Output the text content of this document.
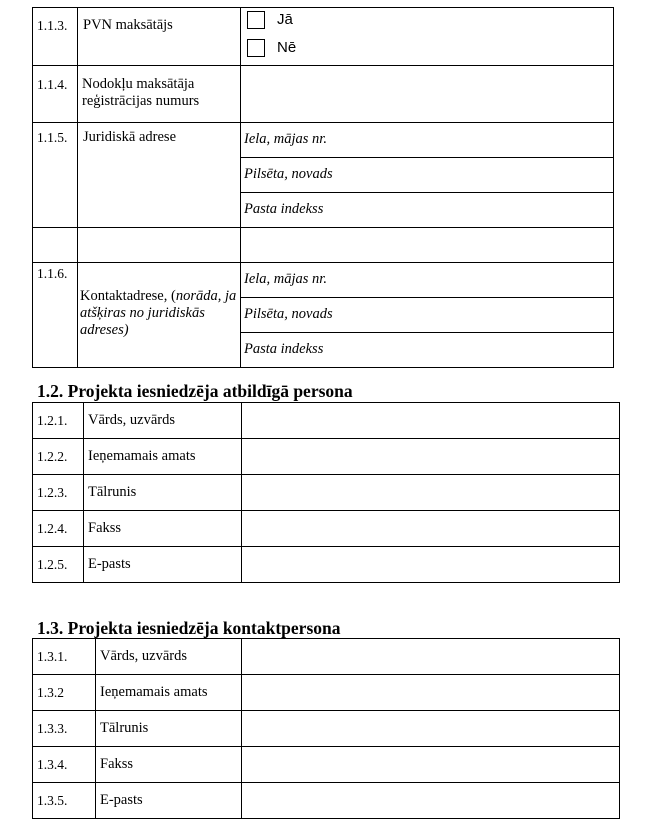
1.1.3.	PVN maksātājs	Jā
Nē

1.1.4.	Nodokļu maksātāja reģistrācijas numurs	
1.1.5.	Juridiskā adrese	Iela, mājas nr.
		Pilsēta, novads
		Pasta indekss

1.1.6.	Kontaktadrese, (norāda, ja atšķiras no juridiskās adreses)	Iela, mājas nr.
		Pilsēta, novads
		Pasta indekss
1.2. Projekta iesniedzēja atbildīgā persona
1.2.1.	Vārds, uzvārds	
1.2.2.	Ieņemamais amats	
1.2.3.	Tālrunis	
1.2.4.	Fakss	
1.2.5.	E-pasts	
1.3. Projekta iesniedzēja kontaktpersona
1.3.1.	Vārds, uzvārds	
1.3.2	Ieņemamais amats	
1.3.3.	Tālrunis	
1.3.4.	Fakss	
1.3.5.	E-pasts	
